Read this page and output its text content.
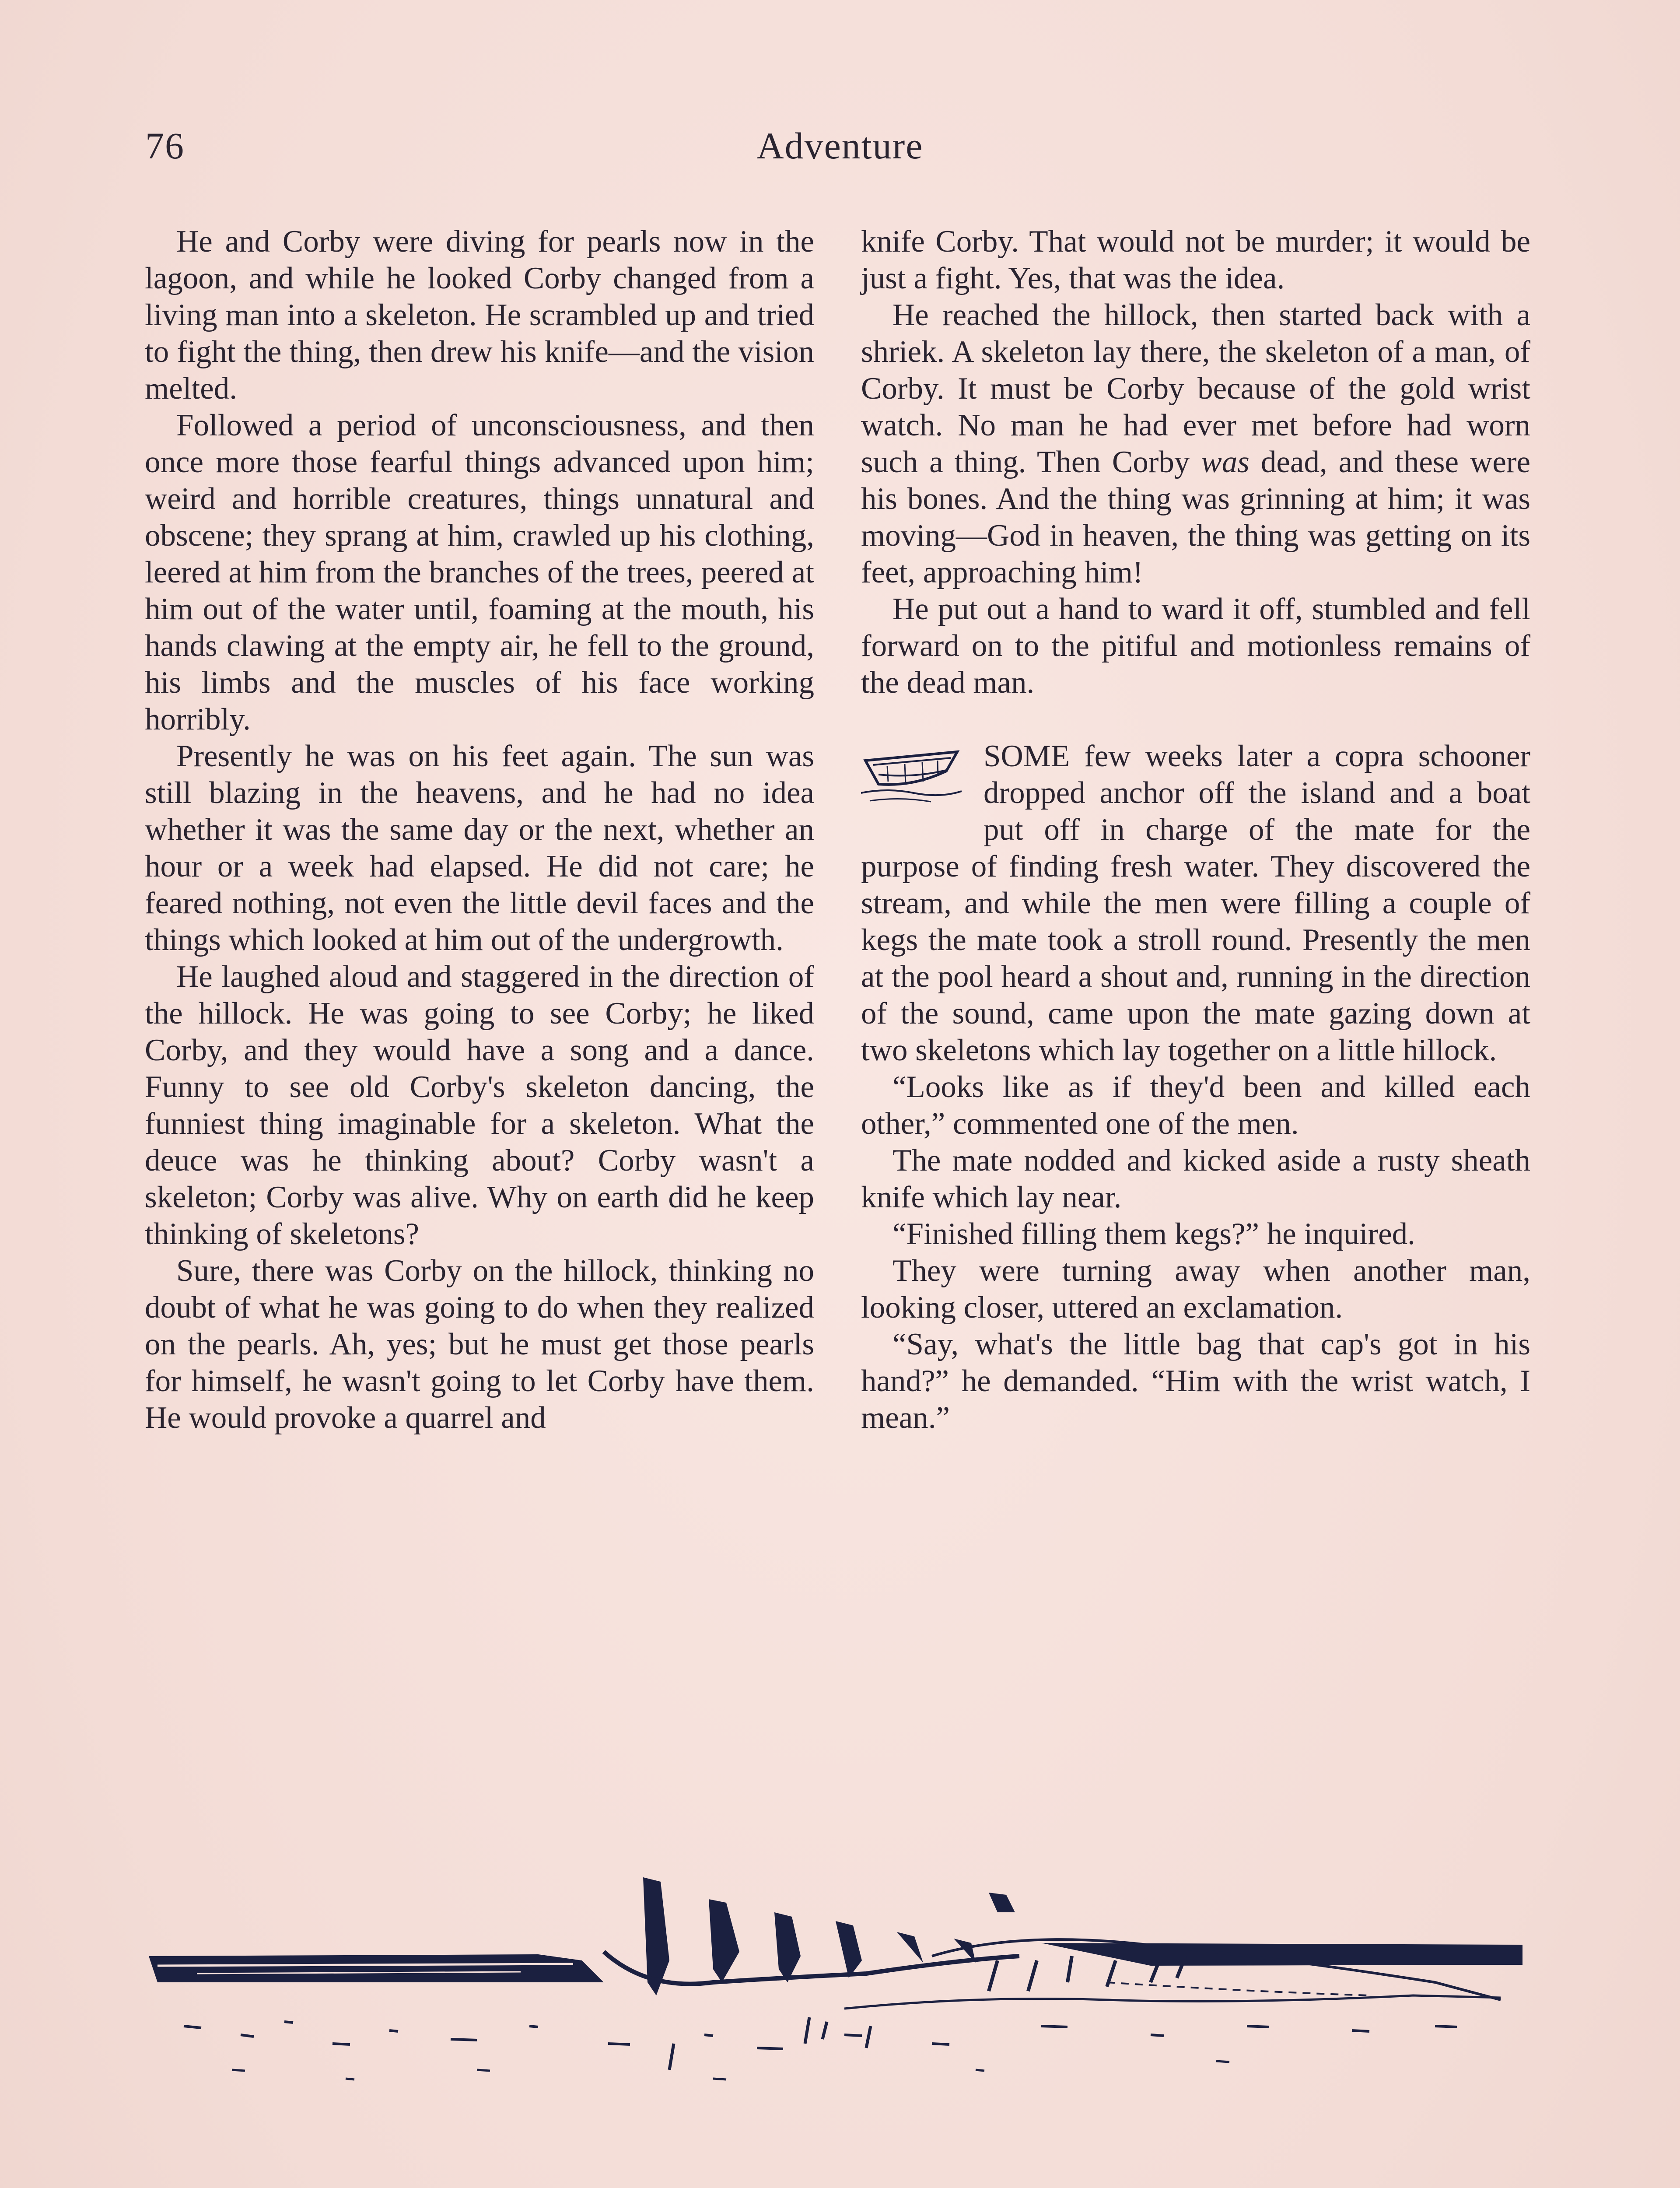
76	Adventure

He and Corby were diving for pearls now in the lagoon, and while he looked Corby changed from a living man into a skeleton. He scrambled up and tried to fight the thing, then drew his knife—and the vision melted.

Followed a period of unconsciousness, and then once more those fearful things advanced upon him; weird and horrible creatures, things unnatural and obscene; they sprang at him, crawled up his clothing, leered at him from the branches of the trees, peered at him out of the water until, foaming at the mouth, his hands clawing at the empty air, he fell to the ground, his limbs and the muscles of his face working horribly.

Presently he was on his feet again. The sun was still blazing in the heavens, and he had no idea whether it was the same day or the next, whether an hour or a week had elapsed. He did not care; he feared nothing, not even the little devil faces and the things which looked at him out of the undergrowth.

He laughed aloud and staggered in the direction of the hillock. He was going to see Corby; he liked Corby, and they would have a song and a dance. Funny to see old Corby's skeleton dancing, the funniest thing imaginable for a skeleton. What the deuce was he thinking about? Corby wasn't a skeleton; Corby was alive. Why on earth did he keep thinking of skeletons?

Sure, there was Corby on the hillock, thinking no doubt of what he was going to do when they realized on the pearls. Ah, yes; but he must get those pearls for himself, he wasn't going to let Corby have them. He would provoke a quarrel and

knife Corby. That would not be murder; it would be just a fight. Yes, that was the idea.

He reached the hillock, then started back with a shriek. A skeleton lay there, the skeleton of a man, of Corby. It must be Corby because of the gold wrist watch. No man he had ever met before had worn such a thing. Then Corby was dead, and these were his bones. And the thing was grinning at him; it was moving—God in heaven, the thing was getting on its feet, approaching him!

He put out a hand to ward it off, stumbled and fell forward on to the pitiful and motionless remains of the dead man.

SOME few weeks later a copra schooner dropped anchor off the island and a boat put off in charge of the mate for the purpose of finding fresh water. They discovered the stream, and while the men were filling a couple of kegs the mate took a stroll round. Presently the men at the pool heard a shout and, running in the direction of the sound, came upon the mate gazing down at two skeletons which lay together on a little hillock.

“Looks like as if they'd been and killed each other,” commented one of the men.

The mate nodded and kicked aside a rusty sheath knife which lay near.

“Finished filling them kegs?” he inquired.

They were turning away when another man, looking closer, uttered an exclamation.

“Say, what's the little bag that cap's got in his hand?” he demanded. “Him with the wrist watch, I mean.”
